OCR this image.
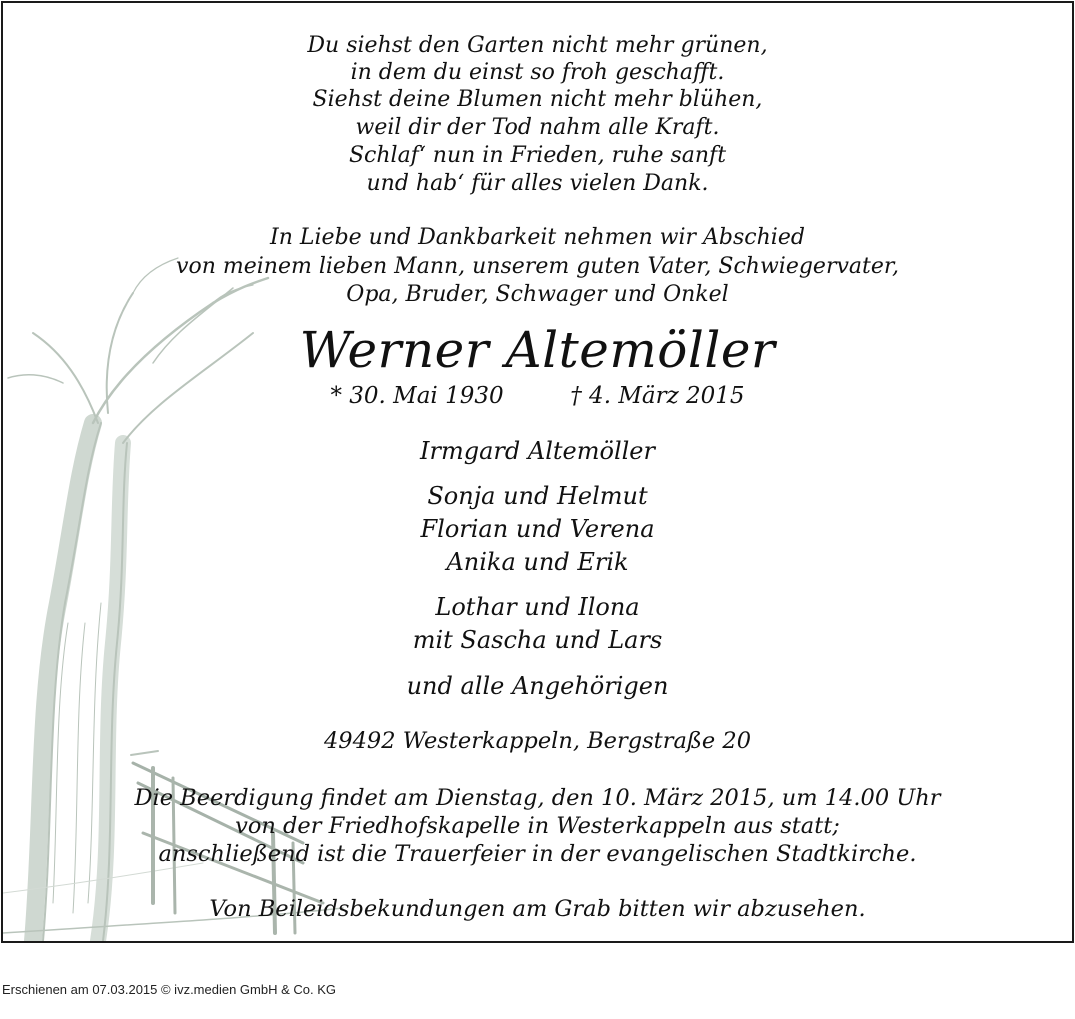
Du siehst den Garten nicht mehr grünen,
in dem du einst so froh geschafft.
Siehst deine Blumen nicht mehr blühen,
weil dir der Tod nahm alle Kraft.
Schlaf‘ nun in Frieden, ruhe sanft
und hab‘ für alles vielen Dank.
In Liebe und Dankbarkeit nehmen wir Abschied
von meinem lieben Mann, unserem guten Vater, Schwiegervater,
Opa, Bruder, Schwager und Onkel
Werner Altemöller
* 30. Mai 1930	† 4. März 2015
Irmgard Altemöller
Sonja und Helmut
Florian und Verena
Anika und Erik
Lothar und Ilona
mit Sascha und Lars
und alle Angehörigen
49492 Westerkappeln, Bergstraße 20
Die Beerdigung findet am Dienstag, den 10. März 2015, um 14.00 Uhr
von der Friedhofskapelle in Westerkappeln aus statt;
anschließend ist die Trauerfeier in der evangelischen Stadtkirche.
Von Beileidsbekundungen am Grab bitten wir abzusehen.
Erschienen am 07.03.2015 © ivz.medien GmbH & Co. KG
